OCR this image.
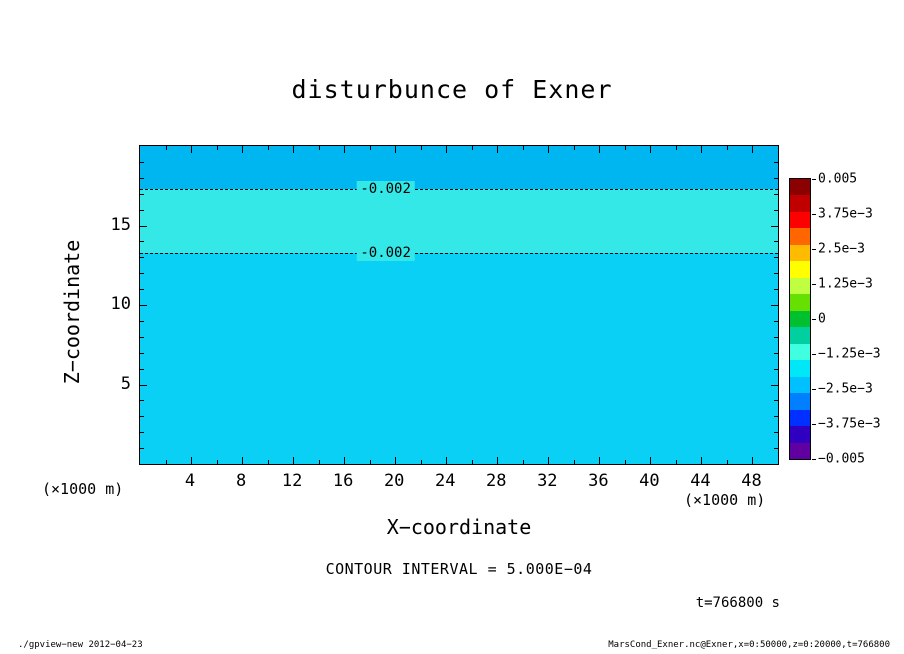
disturbunce of Exner
-0.002
-0.002
Z−coordinate
X−coordinate
(×1000 m)
(×1000 m)
CONTOUR INTERVAL = 5.000E−04
t=766800 s
./gpview−new 2012−04−23	MarsCond_Exner.nc@Exner,x=0:50000,z=0:20000,t=766800
4 8 12 16 20 24 28 32 36 40 44 48
5
10
15
0.005
3.75e−3
2.5e−3
1.25e−3
0
−1.25e−3
−2.5e−3
−3.75e−3
−0.005
